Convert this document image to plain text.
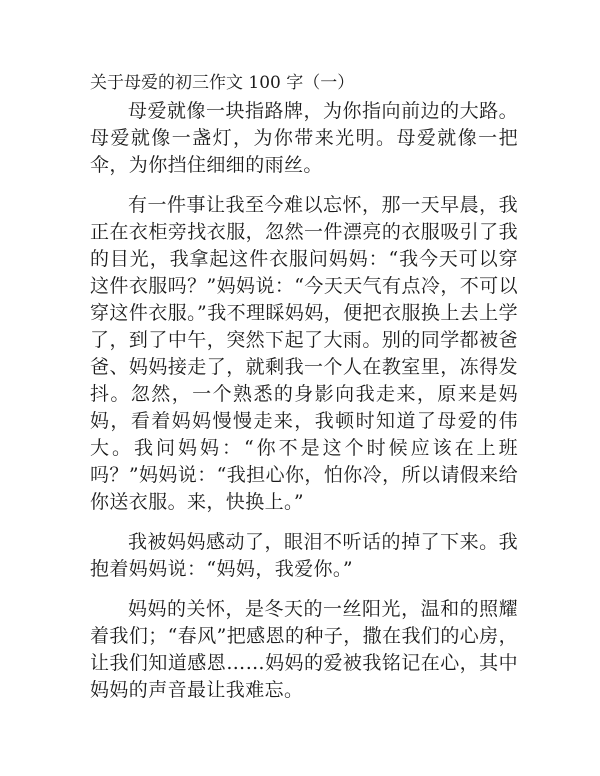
关于母爱的初三作文 100 字（一）

母爱就像一块指路牌，为你指向前边的大路。母爱就像一盏灯，为你带来光明。母爱就像一把伞，为你挡住细细的雨丝。

有一件事让我至今难以忘怀，那一天早晨，我正在衣柜旁找衣服，忽然一件漂亮的衣服吸引了我的目光，我拿起这件衣服问妈妈：“我今天可以穿这件衣服吗？”妈妈说：“今天天气有点冷，不可以穿这件衣服。”我不理睬妈妈，便把衣服换上去上学了，到了中午，突然下起了大雨。别的同学都被爸爸、妈妈接走了，就剩我一个人在教室里，冻得发抖。忽然，一个熟悉的身影向我走来，原来是妈妈，看着妈妈慢慢走来，我顿时知道了母爱的伟大。我问妈妈：“你不是这个时候应该在上班吗？”妈妈说：“我担心你，怕你冷，所以请假来给你送衣服。来，快换上。”

我被妈妈感动了，眼泪不听话的掉了下来。我抱着妈妈说：“妈妈，我爱你。”

妈妈的关怀，是冬天的一丝阳光，温和的照耀着我们；“春风”把感恩的种子，撒在我们的心房，让我们知道感恩……妈妈的爱被我铭记在心，其中妈妈的声音最让我难忘。
